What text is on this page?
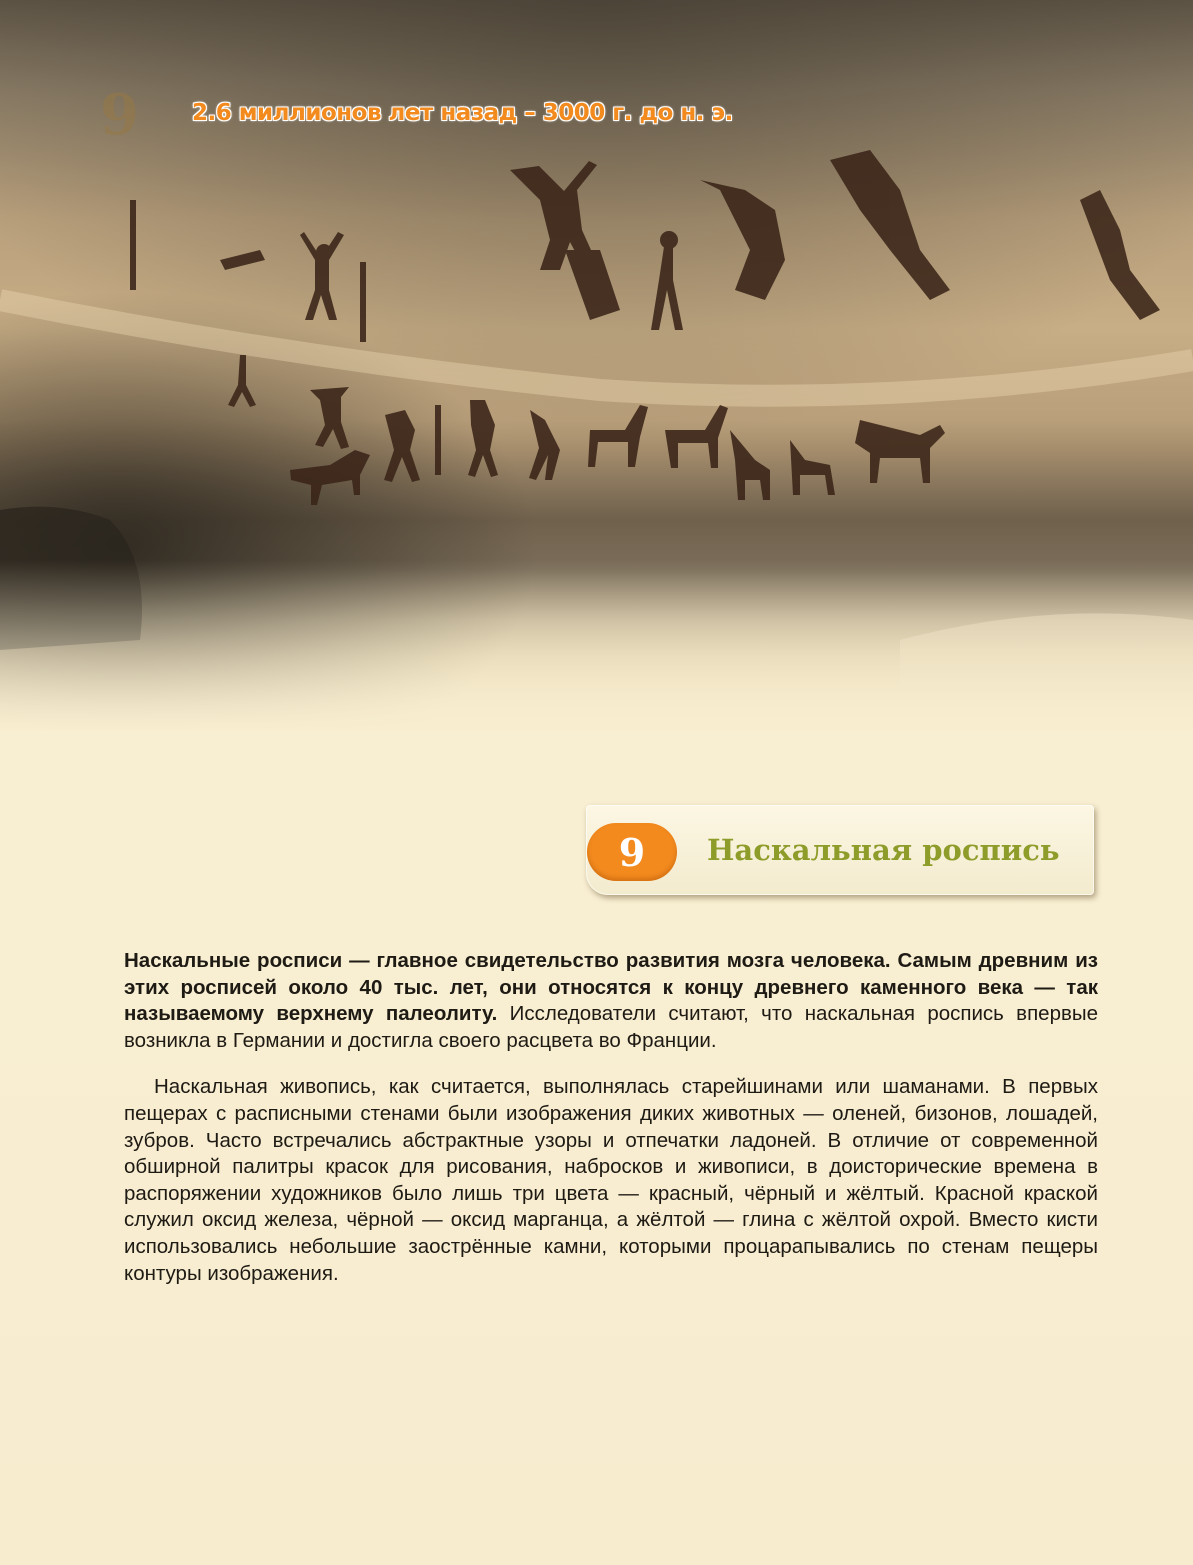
9 2.6 миллионов лет назад – 3000 г. до н. э.
9	Наскальная роспись

Наскальные росписи — главное свидетельство развития мозга человека. Самым древним из этих росписей около 40 тыс. лет, они относятся к концу древнего каменного века — так называемому верхнему палеолиту. Исследователи считают, что наскальная роспись впервые возникла в Германии и достигла своего расцвета во Франции.

Наскальная живопись, как считается, выполнялась старейшинами или шаманами. В первых пещерах с расписными стенами были изображения диких животных — оленей, бизонов, лошадей, зубров. Часто встречались абстрактные узоры и отпечатки ладоней. В отличие от современной обширной палитры красок для рисования, набросков и живописи, в доисторические времена в распоряжении художников было лишь три цвета — красный, чёрный и жёлтый. Красной краской служил оксид железа, чёрной — оксид марганца, а жёлтой — глина с жёлтой охрой. Вместо кисти использовались небольшие заострённые камни, которыми процарапывались по стенам пещеры контуры изображения.
